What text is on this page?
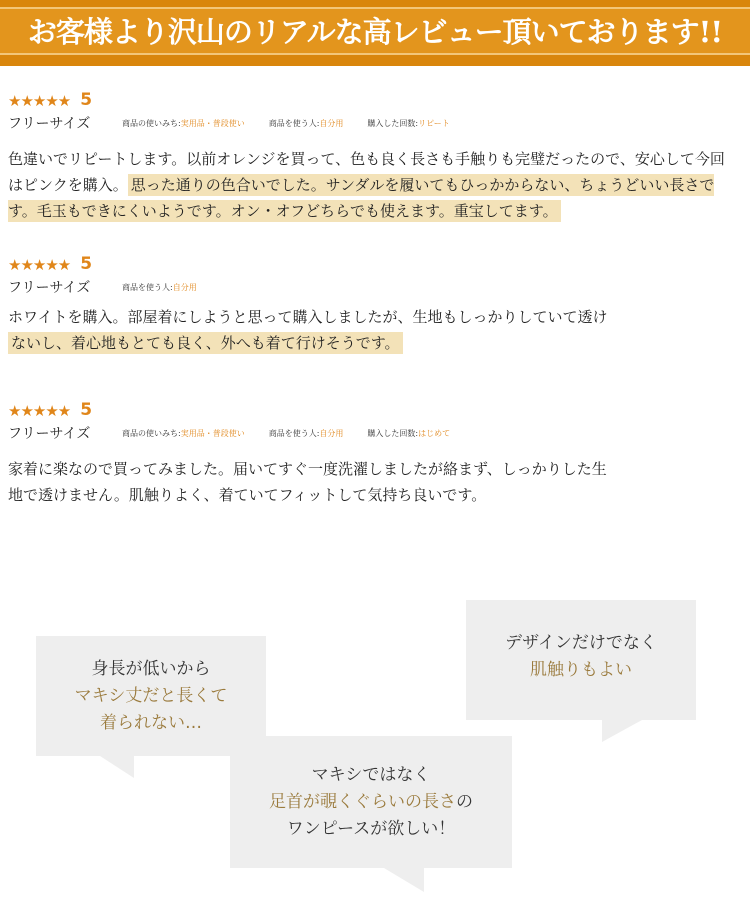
お客様より沢山のリアルな高レビュー頂いております!!
★★★★★ 5
フリーサイズ	商品の使いみち:実用品・普段使い	商品を使う人:自分用	購入した回数:リピート
色違いでリピートします。以前オレンジを買って、色も良く長さも手触りも完璧だったので、安心して今回はピンクを購入。 思った通りの色合いでした。サンダルを履いてもひっかからない、ちょうどいい長さです。毛玉もできにくいようです。オン・オフどちらでも使えます。重宝してます。
★★★★★ 5
フリーサイズ	商品を使う人:自分用
ホワイトを購入。部屋着にしようと思って購入しましたが、生地もしっかりしていて透け
ないし、着心地もとても良く、外へも着て行けそうです。
★★★★★ 5
フリーサイズ	商品の使いみち:実用品・普段使い	商品を使う人:自分用	購入した回数:はじめて
家着に楽なので買ってみました。届いてすぐ一度洗濯しましたが絡まず、しっかりした生
地で透けません。肌触りよく、着ていてフィットして気持ち良いです。
身長が低いから
マキシ丈だと長くて
着られない…
デザインだけでなく
肌触りもよい
マキシではなく
足首が覗くぐらいの長さの
ワンピースが欲しい！
